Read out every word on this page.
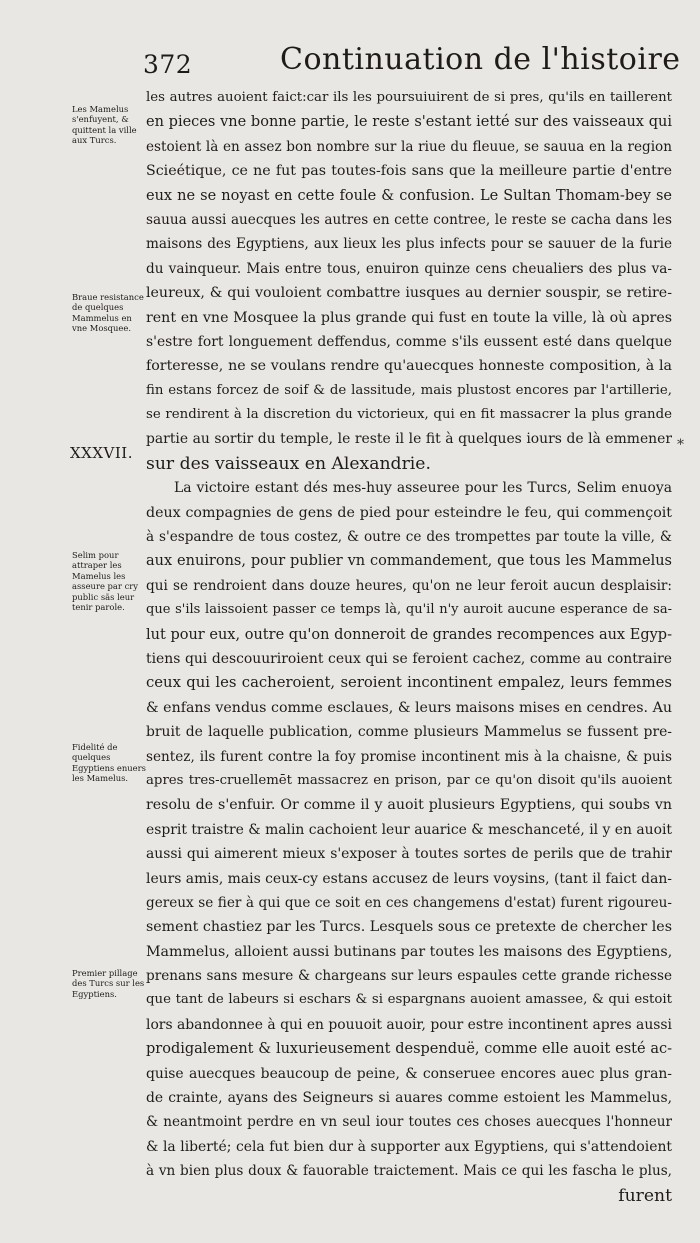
372	Continuation de l'histoire
Les Mamelus s'enfuyent, & quittent la ville aux Turcs.
Braue resistance de quelques Mammelus en vne Mosquee.
XXXVII.
Selim pour attraper les Mamelus les asseure par cry public sãs leur tenir parole.
Fidelité de quelques Egyptiens enuers les Mamelus.
Premier pillage des Turcs sur les Egyptiens.
les autres auoient faict:car ils les poursuiuirent de si pres, qu'ils en taillerent
en pieces vne bonne partie, le reste s'estant ietté sur des vaisseaux qui
estoient là en assez bon nombre sur la riue du fleuue, se sauua en la region
Scieétique, ce ne fut pas toutes-fois sans que la meilleure partie d'entre
eux ne se noyast en cette foule & confusion. Le Sultan Thomam-bey se
sauua aussi auecques les autres en cette contree, le reste se cacha dans les
maisons des Egyptiens, aux lieux les plus infects pour se sauuer de la furie
du vainqueur. Mais entre tous, enuiron quinze cens cheualiers des plus va-
leureux, & qui vouloient combattre iusques au dernier souspir, se retire-
rent en vne Mosquee la plus grande qui fust en toute la ville, là où apres
s'estre fort longuement deffendus, comme s'ils eussent esté dans quelque
forteresse, ne se voulans rendre qu'auecques honneste composition, à la
fin estans forcez de soif & de lassitude, mais plustost encores par l'artillerie,
se rendirent à la discretion du victorieux, qui en fit massacrer la plus grande
partie au sortir du temple, le reste il le fit à quelques iours de là emmener
sur des vaisseaux en Alexandrie.
La victoire estant dés mes-huy asseuree pour les Turcs, Selim enuoya
deux compagnies de gens de pied pour esteindre le feu, qui commençoit
à s'espandre de tous costez, & outre ce des trompettes par toute la ville, &
aux enuirons, pour publier vn commandement, que tous les Mammelus
qui se rendroient dans douze heures, qu'on ne leur feroit aucun desplaisir:
que s'ils laissoient passer ce temps là, qu'il n'y auroit aucune esperance de sa-
lut pour eux, outre qu'on donneroit de grandes recompences aux Egyp-
tiens qui descouuriroient ceux qui se feroient cachez, comme au contraire
ceux qui les cacheroient, seroient incontinent empalez, leurs femmes
& enfans vendus comme esclaues, & leurs maisons mises en cendres. Au
bruit de laquelle publication, comme plusieurs Mammelus se fussent pre-
sentez, ils furent contre la foy promise incontinent mis à la chaisne, & puis
apres tres-cruellemēt massacrez en prison, par ce qu'on disoit qu'ils auoient
resolu de s'enfuir. Or comme il y auoit plusieurs Egyptiens, qui soubs vn
esprit traistre & malin cachoient leur auarice & meschanceté, il y en auoit
aussi qui aimerent mieux s'exposer à toutes sortes de perils que de trahir
leurs amis, mais ceux-cy estans accusez de leurs voysins, (tant il faict dan-
gereux se fier à qui que ce soit en ces changemens d'estat) furent rigoureu-
sement chastiez par les Turcs. Lesquels sous ce pretexte de chercher les
Mammelus, alloient aussi butinans par toutes les maisons des Egyptiens,
prenans sans mesure & chargeans sur leurs espaules cette grande richesse
que tant de labeurs si eschars & si espargnans auoient amassee, & qui estoit
lors abandonnee à qui en pouuoit auoir, pour estre incontinent apres aussi
prodigalement & luxurieusement despenduë, comme elle auoit esté ac-
quise auecques beaucoup de peine, & conseruee encores auec plus gran-
de crainte, ayans des Seigneurs si auares comme estoient les Mammelus,
& neantmoint perdre en vn seul iour toutes ces choses auecques l'honneur
& la liberté; cela fut bien dur à supporter aux Egyptiens, qui s'attendoient
à vn bien plus doux & fauorable traictement. Mais ce qui les fascha le plus,
furent
*
